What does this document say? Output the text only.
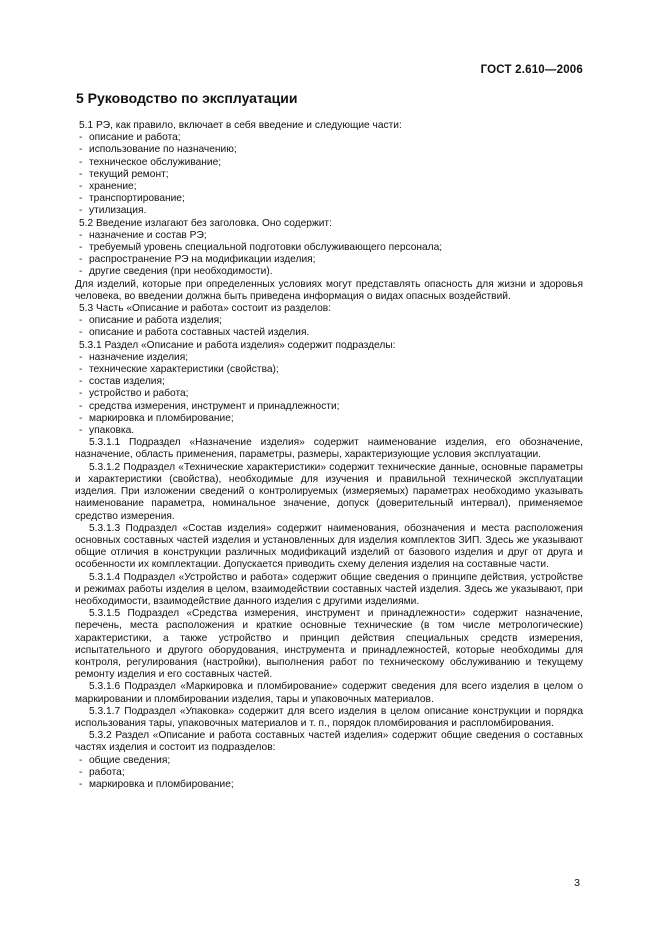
ГОСТ 2.610—2006
5 Руководство по эксплуатации
5.1 РЭ, как правило, включает в себя введение и следующие части:
- описание и работа;
- использование по назначению;
- техническое обслуживание;
- текущий ремонт;
- хранение;
- транспортирование;
- утилизация.
5.2 Введение излагают без заголовка. Оно содержит:
- назначение и состав РЭ;
- требуемый уровень специальной подготовки обслуживающего персонала;
- распространение РЭ на модификации изделия;
- другие сведения (при необходимости).
Для изделий, которые при определенных условиях могут представлять опасность для жизни и здоровья человека, во введении должна быть приведена информация о видах опасных воздействий.
5.3 Часть «Описание и работа» состоит из разделов:
- описание и работа изделия;
- описание и работа составных частей изделия.
5.3.1 Раздел «Описание и работа изделия» содержит подразделы:
- назначение изделия;
- технические характеристики (свойства);
- состав изделия;
- устройство и работа;
- средства измерения, инструмент и принадлежности;
- маркировка и пломбирование;
- упаковка.
5.3.1.1 Подраздел «Назначение изделия» содержит наименование изделия, его обозначение, назначение, область применения, параметры, размеры, характеризующие условия эксплуатации.
5.3.1.2 Подраздел «Технические характеристики» содержит технические данные, основные параметры и характеристики (свойства), необходимые для изучения и правильной технической эксплуатации изделия. При изложении сведений о контролируемых (измеряемых) параметрах необходимо указывать наименование параметра, номинальное значение, допуск (доверительный интервал), применяемое средство измерения.
5.3.1.3 Подраздел «Состав изделия» содержит наименования, обозначения и места расположения основных составных частей изделия и установленных для изделия комплектов ЗИП. Здесь же указывают общие отличия в конструкции различных модификаций изделий от базового изделия и друг от друга и особенности их комплектации. Допускается приводить схему деления изделия на составные части.
5.3.1.4 Подраздел «Устройство и работа» содержит общие сведения о принципе действия, устройстве и режимах работы изделия в целом, взаимодействии составных частей изделия. Здесь же указывают, при необходимости, взаимодействие данного изделия с другими изделиями.
5.3.1.5 Подраздел «Средства измерения, инструмент и принадлежности» содержит назначение, перечень, места расположения и краткие основные технические (в том числе метрологические) характеристики, а также устройство и принцип действия специальных средств измерения, испытательного и другого оборудования, инструмента и принадлежностей, которые необходимы для контроля, регулирования (настройки), выполнения работ по техническому обслуживанию и текущему ремонту изделия и его составных частей.
5.3.1.6 Подраздел «Маркировка и пломбирование» содержит сведения для всего изделия в целом о маркировании и пломбировании изделия, тары и упаковочных материалов.
5.3.1.7 Подраздел «Упаковка» содержит для всего изделия в целом описание конструкции и порядка использования тары, упаковочных материалов и т. п., порядок пломбирования и распломбирования.
5.3.2 Раздел «Описание и работа составных частей изделия» содержит общие сведения о составных частях изделия и состоит из подразделов:
- общие сведения;
- работа;
- маркировка и пломбирование;
3
